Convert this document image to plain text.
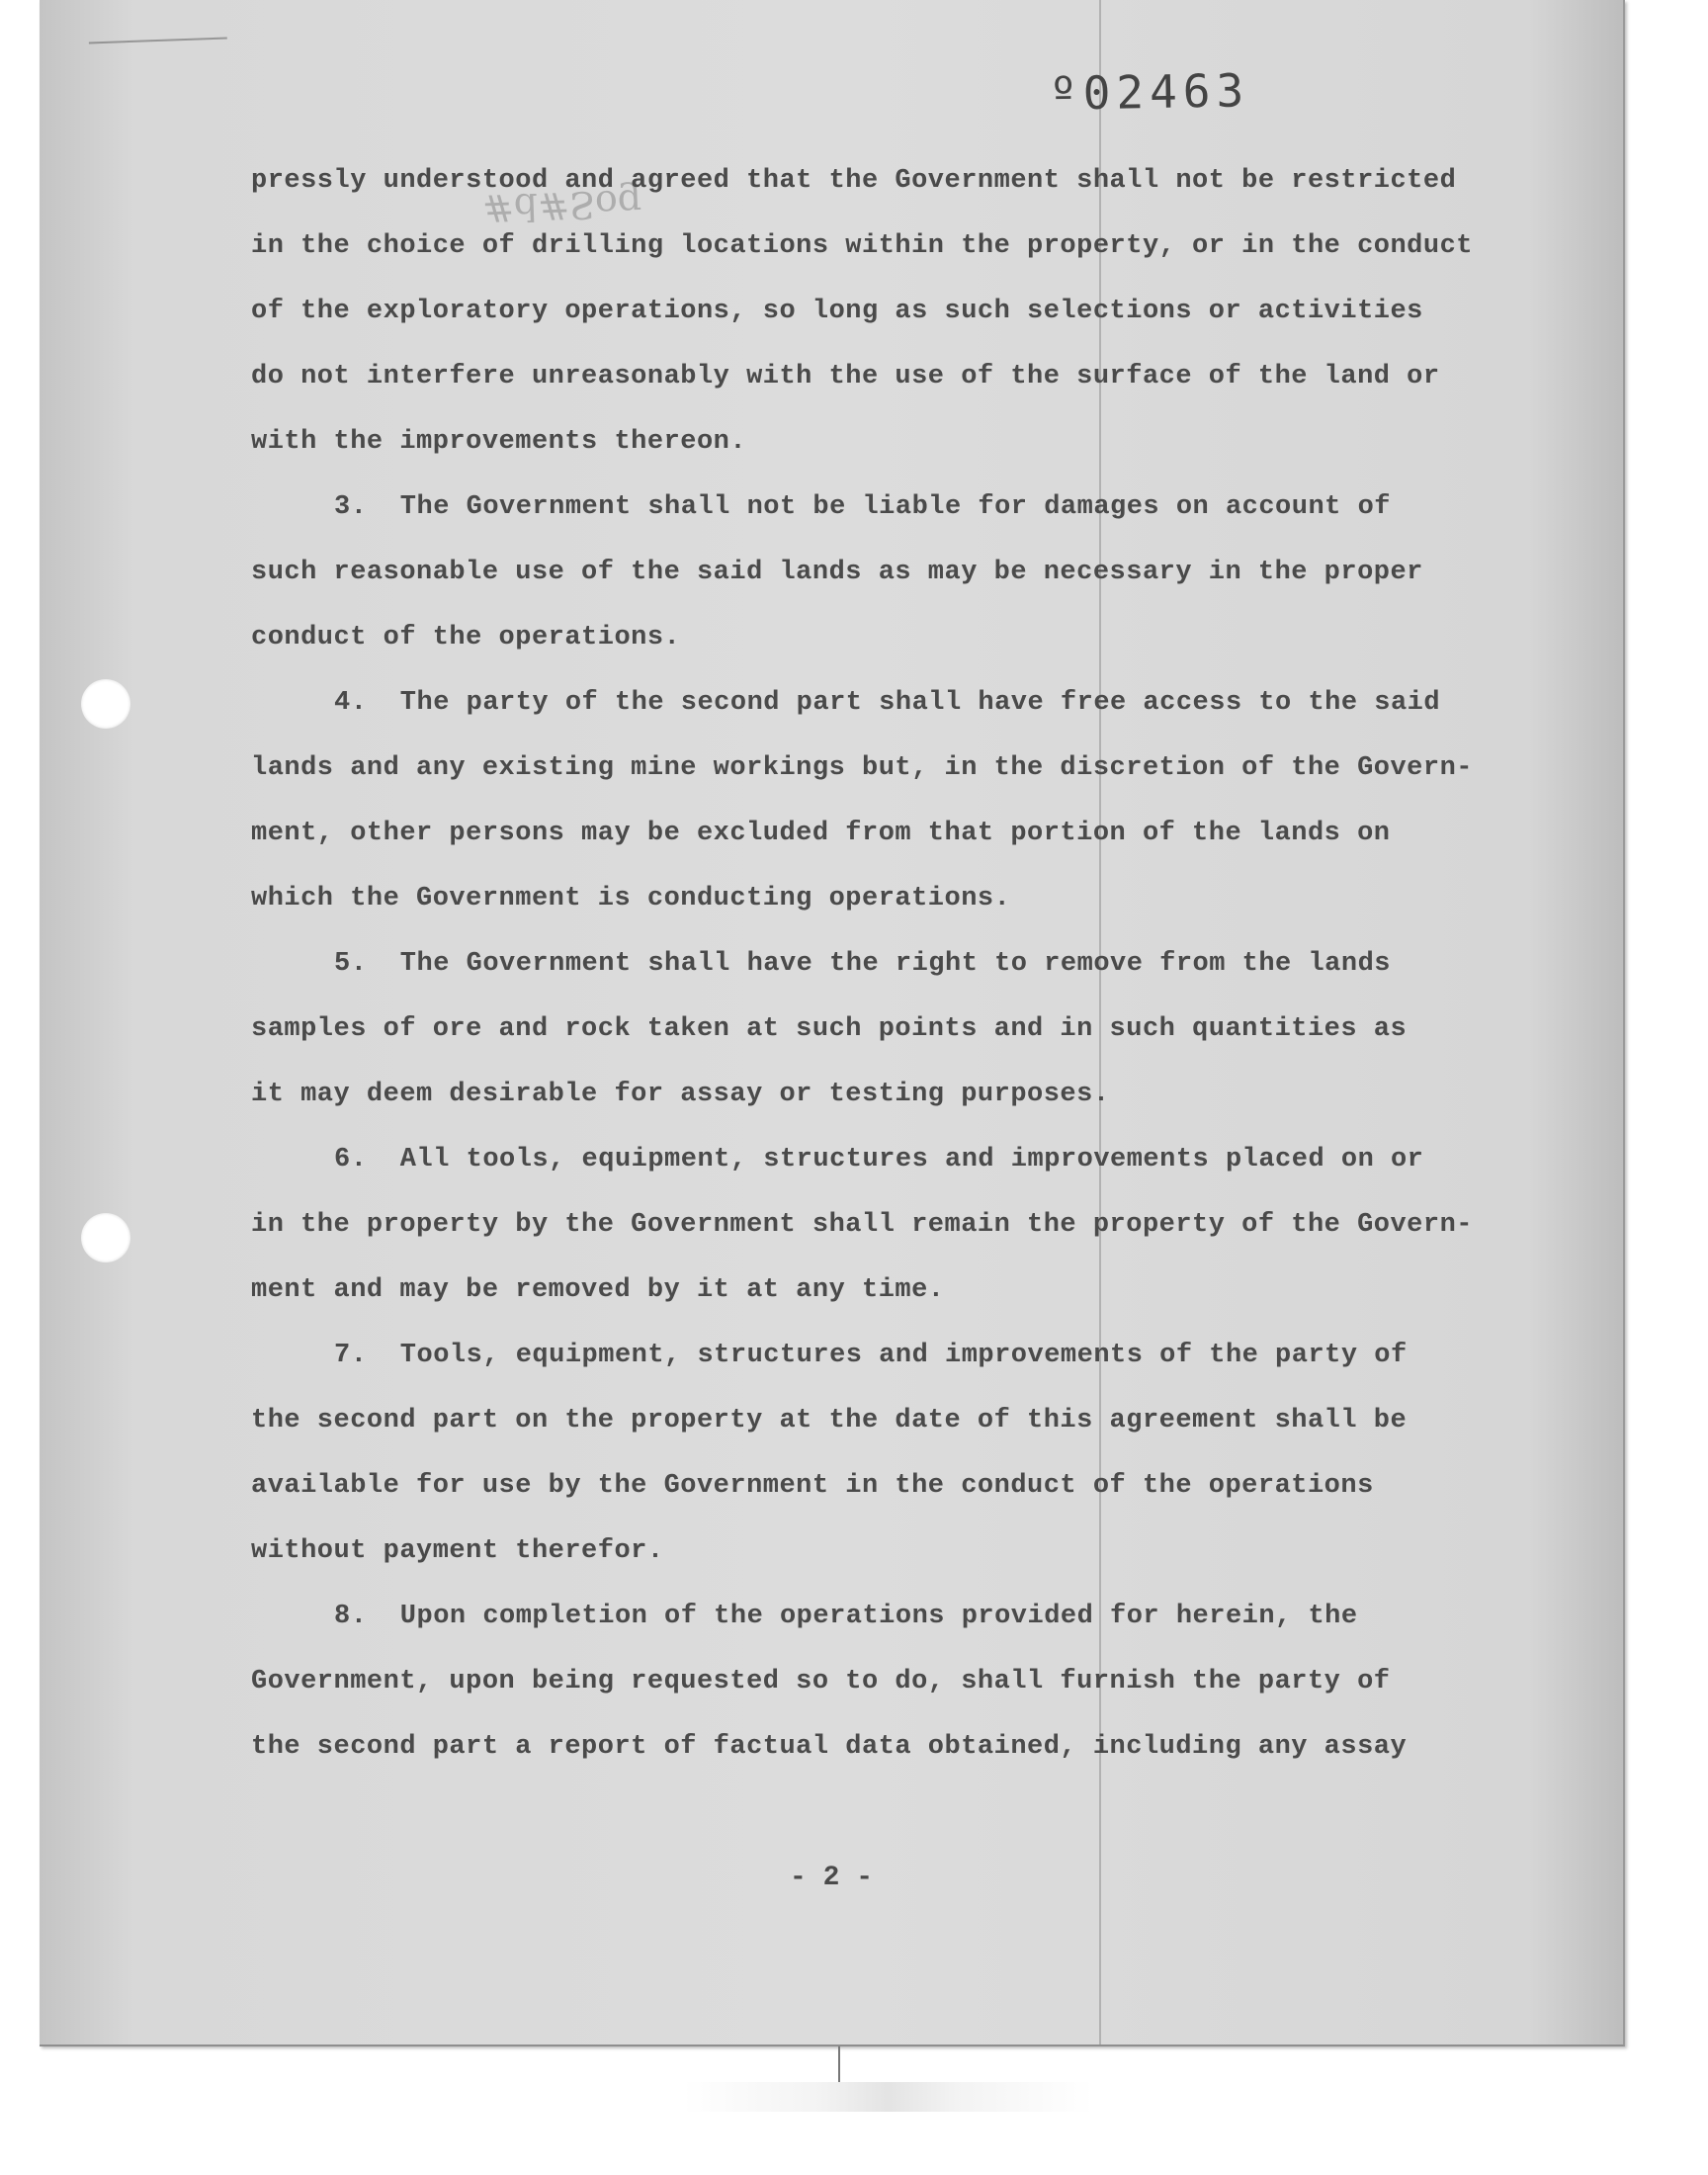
º02463
#d#Sog
pressly understood and agreed that the Government shall not be restricted
in the choice of drilling locations within the property, or in the conduct
of the exploratory operations, so long as such selections or activities
do not interfere unreasonably with the use of the surface of the land or
with the improvements thereon.
3.  The Government shall not be liable for damages on account of
such reasonable use of the said lands as may be necessary in the proper
conduct of the operations.
4.  The party of the second part shall have free access to the said
lands and any existing mine workings but, in the discretion of the Govern-
ment, other persons may be excluded from that portion of the lands on
which the Government is conducting operations.
5.  The Government shall have the right to remove from the lands
samples of ore and rock taken at such points and in such quantities as
it may deem desirable for assay or testing purposes.
6.  All tools, equipment, structures and improvements placed on or
in the property by the Government shall remain the property of the Govern-
ment and may be removed by it at any time.
7.  Tools, equipment, structures and improvements of the party of
the second part on the property at the date of this agreement shall be
available for use by the Government in the conduct of the operations
without payment therefor.
8.  Upon completion of the operations provided for herein, the
Government, upon being requested so to do, shall furnish the party of
the second part a report of factual data obtained, including any assay
- 2 -
